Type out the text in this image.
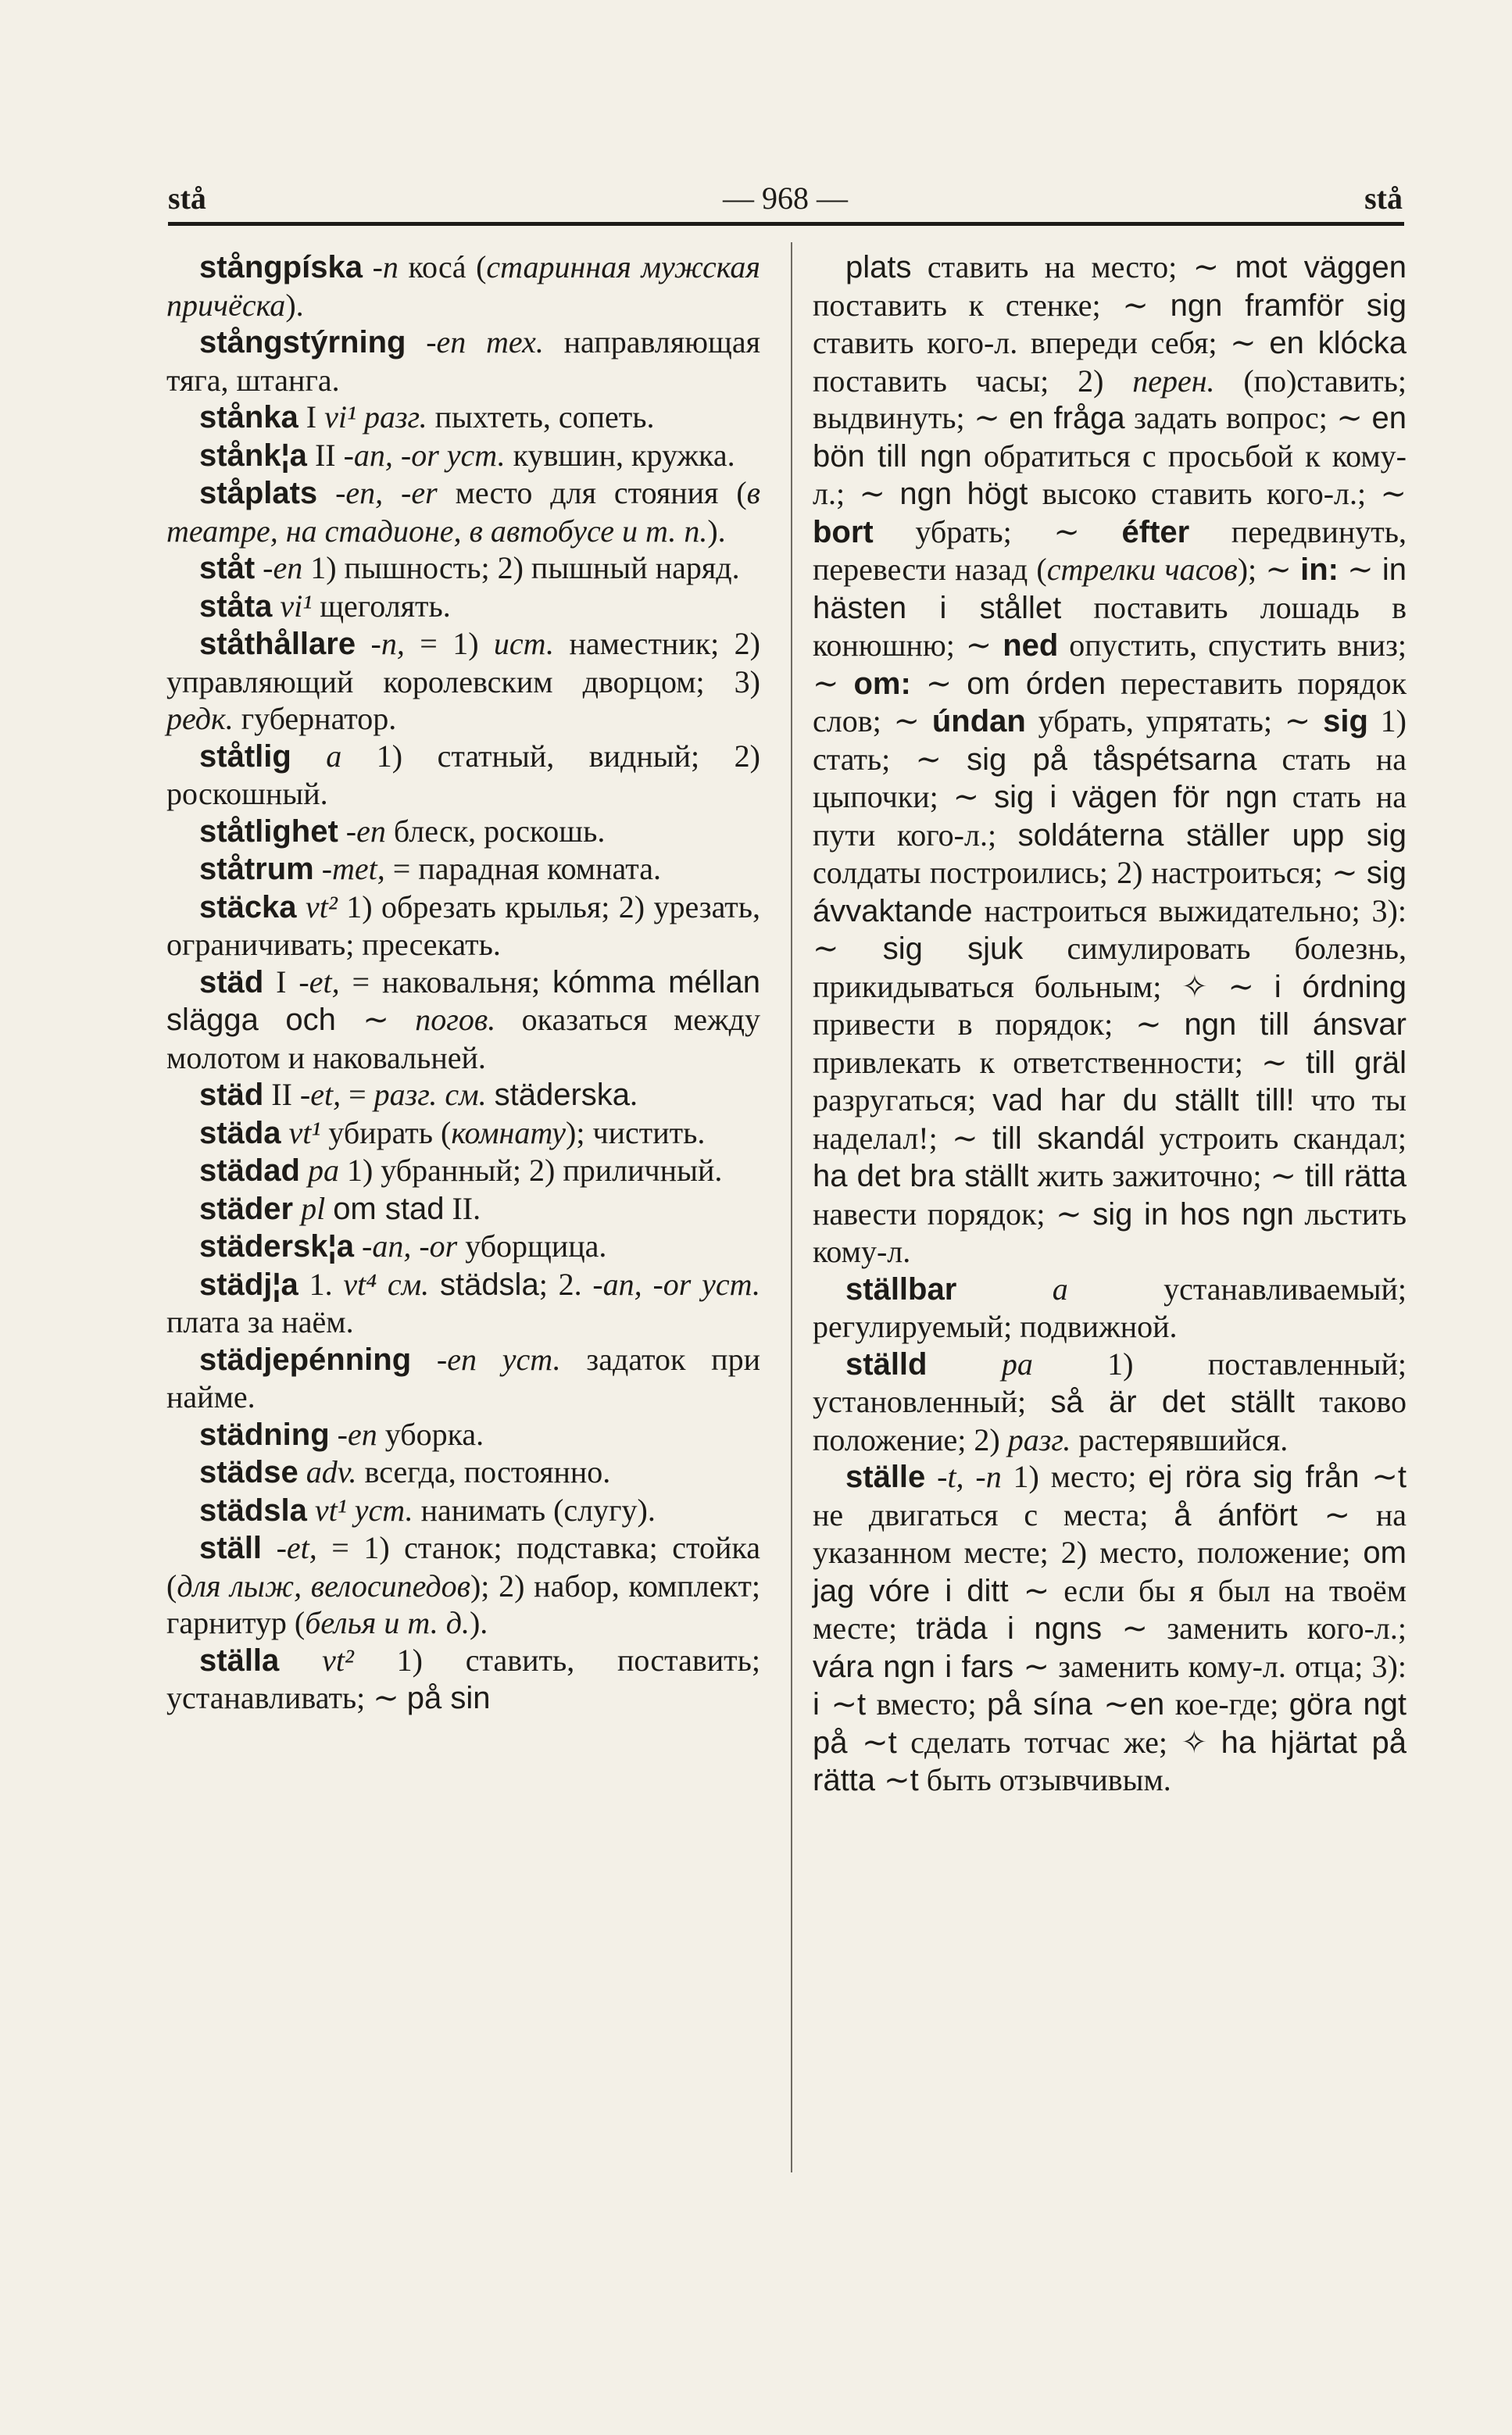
stå	— 968 —	stå

stångpíska -n косá (старинная мужская причёска).

stångstýrning -en тех. направляющая тяга, штанга.

stånka I vi¹ разг. пыхтеть, сопеть.

stånk¦a II -an, -or уст. кувшин, кружка.

ståplats -en, -er место для стояния (в театре, на стадионе, в автобусе и т. п.).

ståt -en 1) пышность; 2) пышный наряд.

ståta vi¹ щеголять.

ståthållare -n, = 1) ист. наместник; 2) управляющий королевским дворцом; 3) редк. губернатор.

ståtlig a 1) статный, видный; 2) роскошный.

ståtlighet -en блеск, роскошь.

ståtrum -met, = парадная комната.

stäcka vt² 1) обрезать крылья; 2) урезать, ограничивать; пресекать.

städ I -et, = наковальня; kómma méllan slägga och ∼ погов. оказаться между молотом и наковальней.

städ II -et, = разг. см. städerska.

städa vt¹ убирать (комнату); чистить.

städad pa 1) убранный; 2) приличный.

städer pl om stad II.

städersk¦a -an, -or уборщица.

städj¦a 1. vt⁴ см. städsla; 2. -an, -or уст. плата за наём.

städjepénning -en уст. задаток при найме.

städning -en уборка.

städse adv. всегда, постоянно.

städsla vt¹ уст. нанимать (слугу).

ställ -et, = 1) станок; подставка; стойка (для лыж, велосипедов); 2) набор, комплект; гарнитур (белья и т. д.).

ställa vt² 1) ставить, поставить; устанавливать; ∼ på sin

plats ставить на место; ∼ mot väggen поставить к стенке; ∼ ngn framför sig ставить кого-л. впереди себя; ∼ en klócka поставить часы; 2) перен. (по)ставить; выдвинуть; ∼ en fråga задать вопрос; ∼ en bön till ngn обратиться с просьбой к кому-л.; ∼ ngn högt высоко ставить кого-л.; ∼ bort убрать; ∼ éfter передвинуть, перевести назад (стрелки часов); ∼ in: ∼ in hästen i stållet поставить лошадь в конюшню; ∼ ned опустить, спустить вниз; ∼ om: ∼ om órden переставить порядок слов; ∼ úndan убрать, упрятать; ∼ sig 1) стать; ∼ sig på tåspétsarna стать на цыпочки; ∼ sig i vägen för ngn стать на пути кого-л.; soldáterna ställer upp sig солдаты построились; 2) настроиться; ∼ sig ávvaktande настроиться выжидательно; 3): ∼ sig sjuk симулировать болезнь, прикидываться больным; ✧ ∼ i órdning привести в порядок; ∼ ngn till ánsvar привлекать к ответственности; ∼ till gräl разругаться; vad har du ställt till! что ты наделал!; ∼ till skandál устроить скандал; ha det bra ställt жить зажиточно; ∼ till rätta навести порядок; ∼ sig in hos ngn льстить кому-л.

ställbar	a устанавливаемый; регулируемый; подвижной.

ställd pa 1) поставленный; установленный; så är det ställt таково положение; 2) разг. растерявшийся.

ställe -t, -n 1) место; ej röra sig från ∼t не двигаться с места; å ánfört ∼ на указанном месте; 2) место, положение; om jag vóre i ditt ∼ если бы я был на твоём месте; träda i ngns ∼ заменить кого-л.; vára ngn i fars ∼ заменить кому-л. отца; 3): i ∼t вместо; på sína ∼en кое-где; göra ngt på ∼t сделать тотчас же; ✧ ha hjärtat på rätta ∼t быть отзывчивым.
